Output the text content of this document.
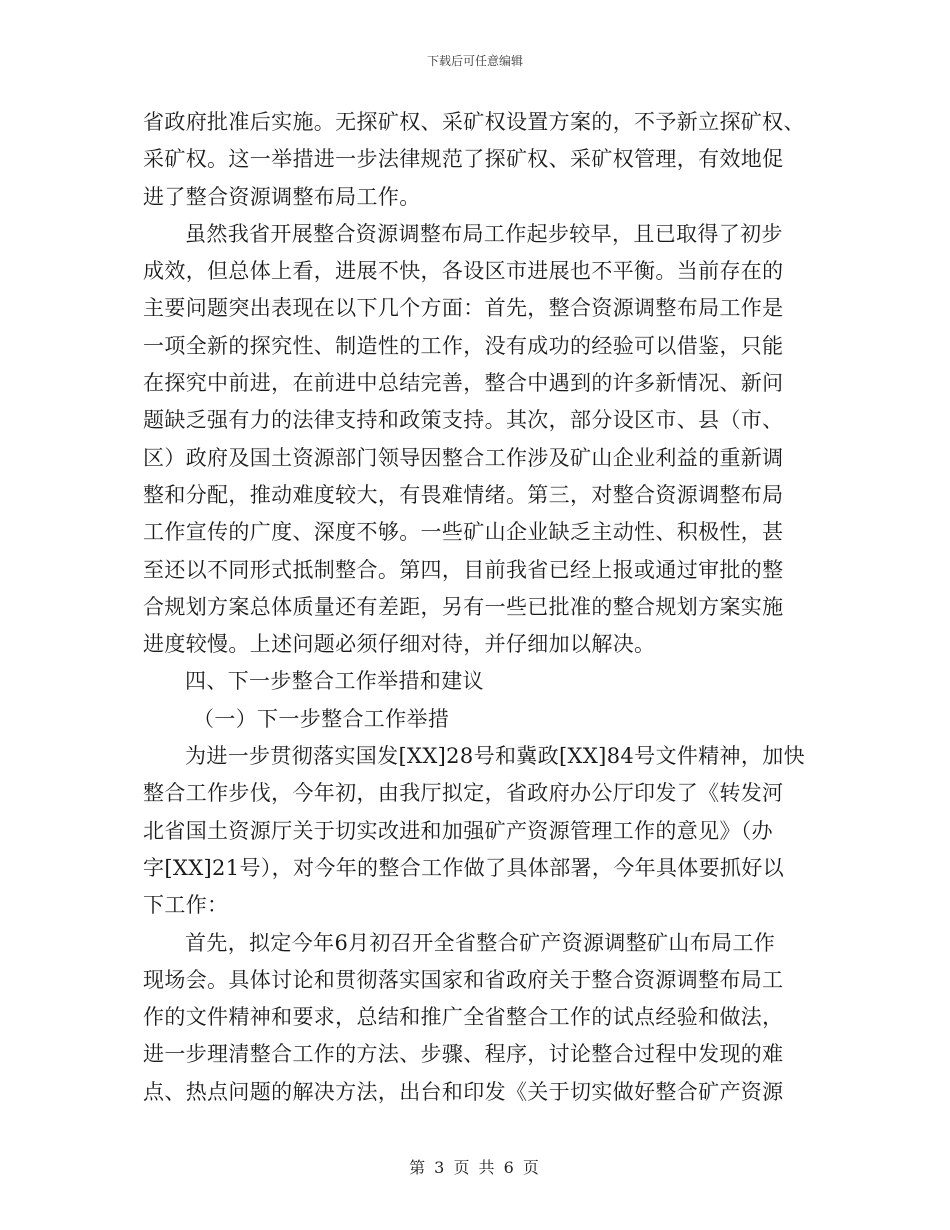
下载后可任意编辑
省政府批准后实施。无探矿权、采矿权设置方案的，不予新立探矿权、
采矿权。这一举措进一步法律规范了探矿权、采矿权管理，有效地促
进了整合资源调整布局工作。
虽然我省开展整合资源调整布局工作起步较早，且已取得了初步
成效，但总体上看，进展不快，各设区市进展也不平衡。当前存在的
主要问题突出表现在以下几个方面：首先，整合资源调整布局工作是
一项全新的探究性、制造性的工作，没有成功的经验可以借鉴，只能
在探究中前进，在前进中总结完善，整合中遇到的许多新情况、新问
题缺乏强有力的法律支持和政策支持。其次，部分设区市、县（市、
区）政府及国土资源部门领导因整合工作涉及矿山企业利益的重新调
整和分配，推动难度较大，有畏难情绪。第三，对整合资源调整布局
工作宣传的广度、深度不够。一些矿山企业缺乏主动性、积极性，甚
至还以不同形式抵制整合。第四，目前我省已经上报或通过审批的整
合规划方案总体质量还有差距，另有一些已批准的整合规划方案实施
进度较慢。上述问题必须仔细对待，并仔细加以解决。
四、下一步整合工作举措和建议
（一）下一步整合工作举措
为进一步贯彻落实国发[XX]28号和冀政[XX]84号文件精神，加快
整合工作步伐，今年初，由我厅拟定，省政府办公厅印发了《转发河
北省国土资源厅关于切实改进和加强矿产资源管理工作的意见》（办
字[XX]21号），对今年的整合工作做了具体部署，今年具体要抓好以
下工作：
首先，拟定今年6月初召开全省整合矿产资源调整矿山布局工作
现场会。具体讨论和贯彻落实国家和省政府关于整合资源调整布局工
作的文件精神和要求，总结和推广全省整合工作的试点经验和做法，
进一步理清整合工作的方法、步骤、程序，讨论整合过程中发现的难
点、热点问题的解决方法，出台和印发《关于切实做好整合矿产资源
第 3 页 共 6 页
